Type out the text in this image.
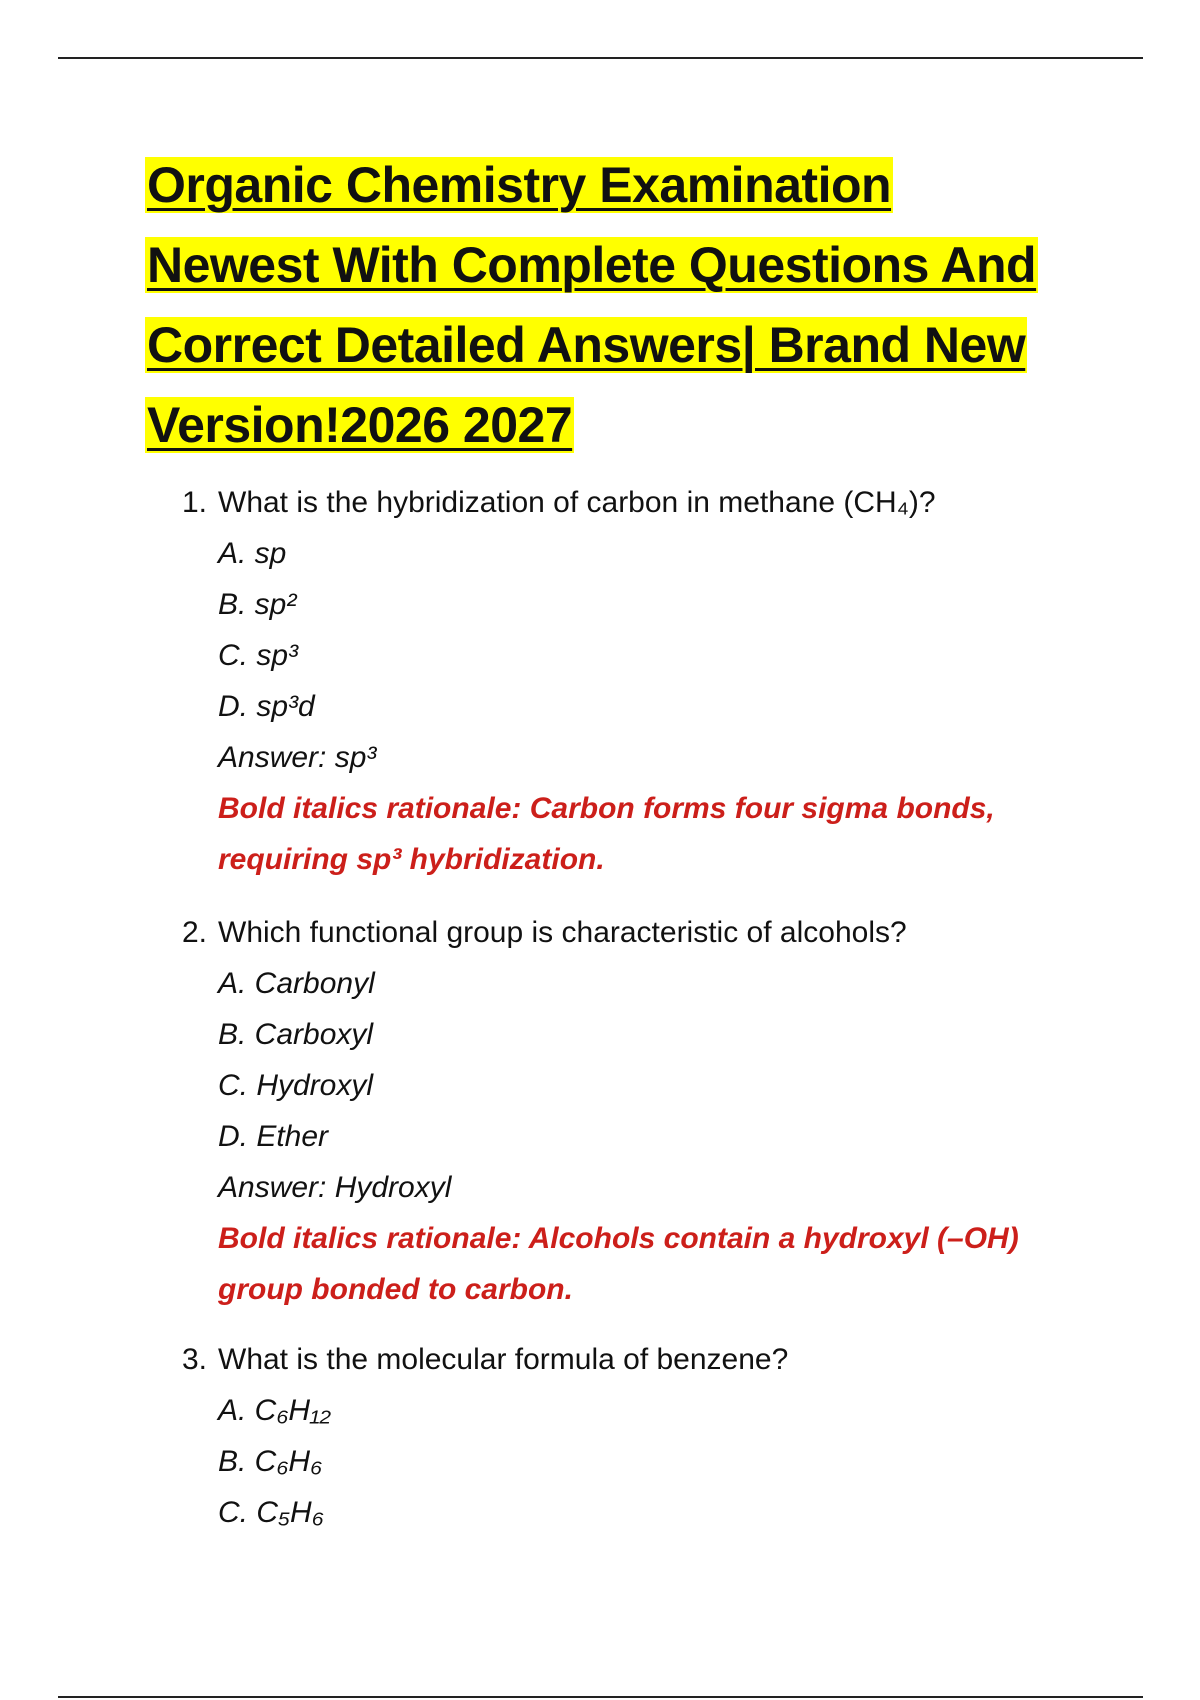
Organic Chemistry Examination
Newest With Complete Questions And
Correct Detailed Answers| Brand New
Version!2026 2027
1. What is the hybridization of carbon in methane (CH₄)?
A. sp
B. sp²
C. sp³
D. sp³d
Answer: sp³
Bold italics rationale: Carbon forms four sigma bonds, requiring sp³ hybridization.
2. Which functional group is characteristic of alcohols?
A. Carbonyl
B. Carboxyl
C. Hydroxyl
D. Ether
Answer: Hydroxyl
Bold italics rationale: Alcohols contain a hydroxyl (–OH) group bonded to carbon.
3. What is the molecular formula of benzene?
A. C₆H₁₂
B. C₆H₆
C. C₅H₆
